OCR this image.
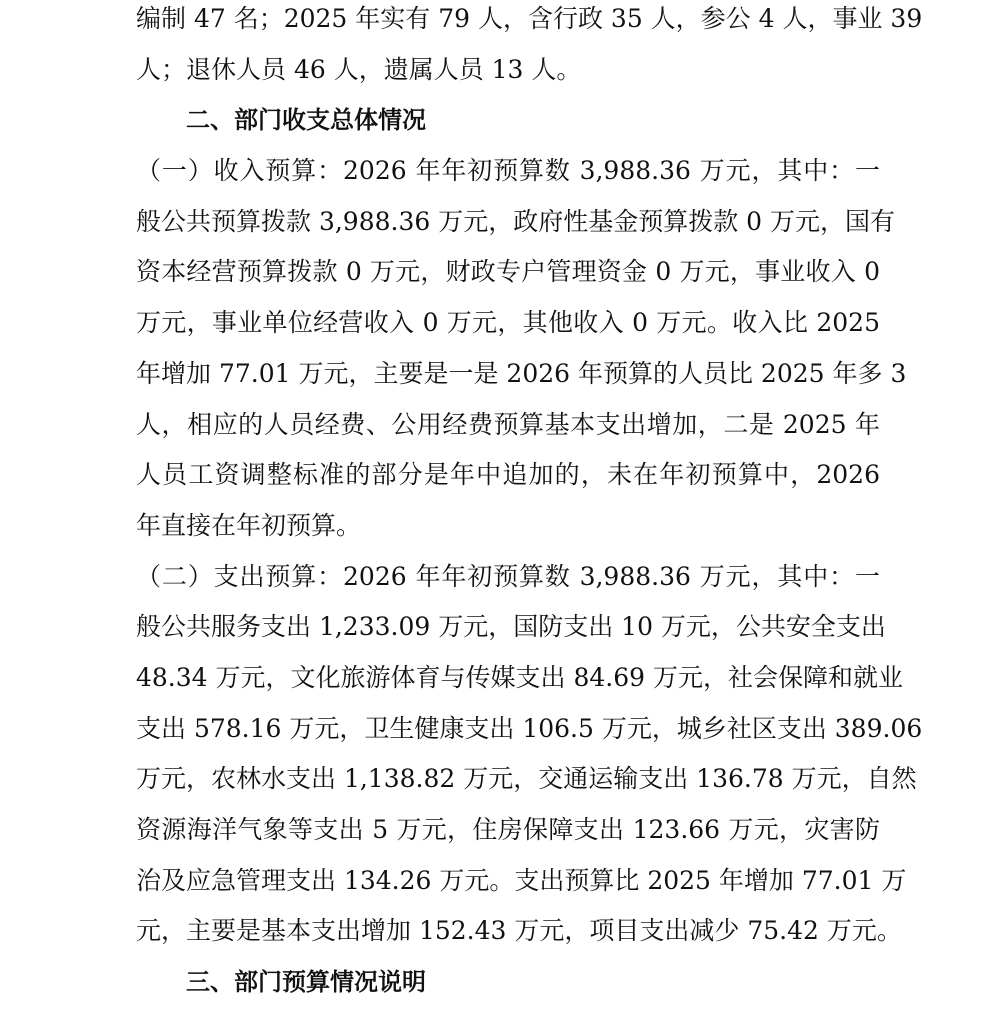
编制 47 名；2025 年实有 79 人，含行政 35 人，参公 4 人，事业 39
人；退休人员 46 人，遗属人员 13 人。
二、部门收支总体情况
（一）收入预算：2026 年年初预算数 3,988.36 万元，其中：一
般公共预算拨款 3,988.36 万元，政府性基金预算拨款 0 万元，国有
资本经营预算拨款 0 万元，财政专户管理资金 0 万元，事业收入 0
万元，事业单位经营收入 0 万元，其他收入 0 万元。收入比 2025
年增加 77.01 万元，主要是一是 2026 年预算的人员比 2025 年多 3
人，相应的人员经费、公用经费预算基本支出增加，二是 2025 年
人员工资调整标准的部分是年中追加的，未在年初预算中，2026
年直接在年初预算。
（二）支出预算：2026 年年初预算数 3,988.36 万元，其中：一
般公共服务支出 1,233.09 万元，国防支出 10 万元，公共安全支出
48.34 万元，文化旅游体育与传媒支出 84.69 万元，社会保障和就业
支出 578.16 万元，卫生健康支出 106.5 万元，城乡社区支出 389.06
万元，农林水支出 1,138.82 万元，交通运输支出 136.78 万元，自然
资源海洋气象等支出 5 万元，住房保障支出 123.66 万元，灾害防
治及应急管理支出 134.26 万元。支出预算比 2025 年增加 77.01 万
元，主要是基本支出增加 152.43 万元，项目支出减少 75.42 万元。
三、部门预算情况说明
